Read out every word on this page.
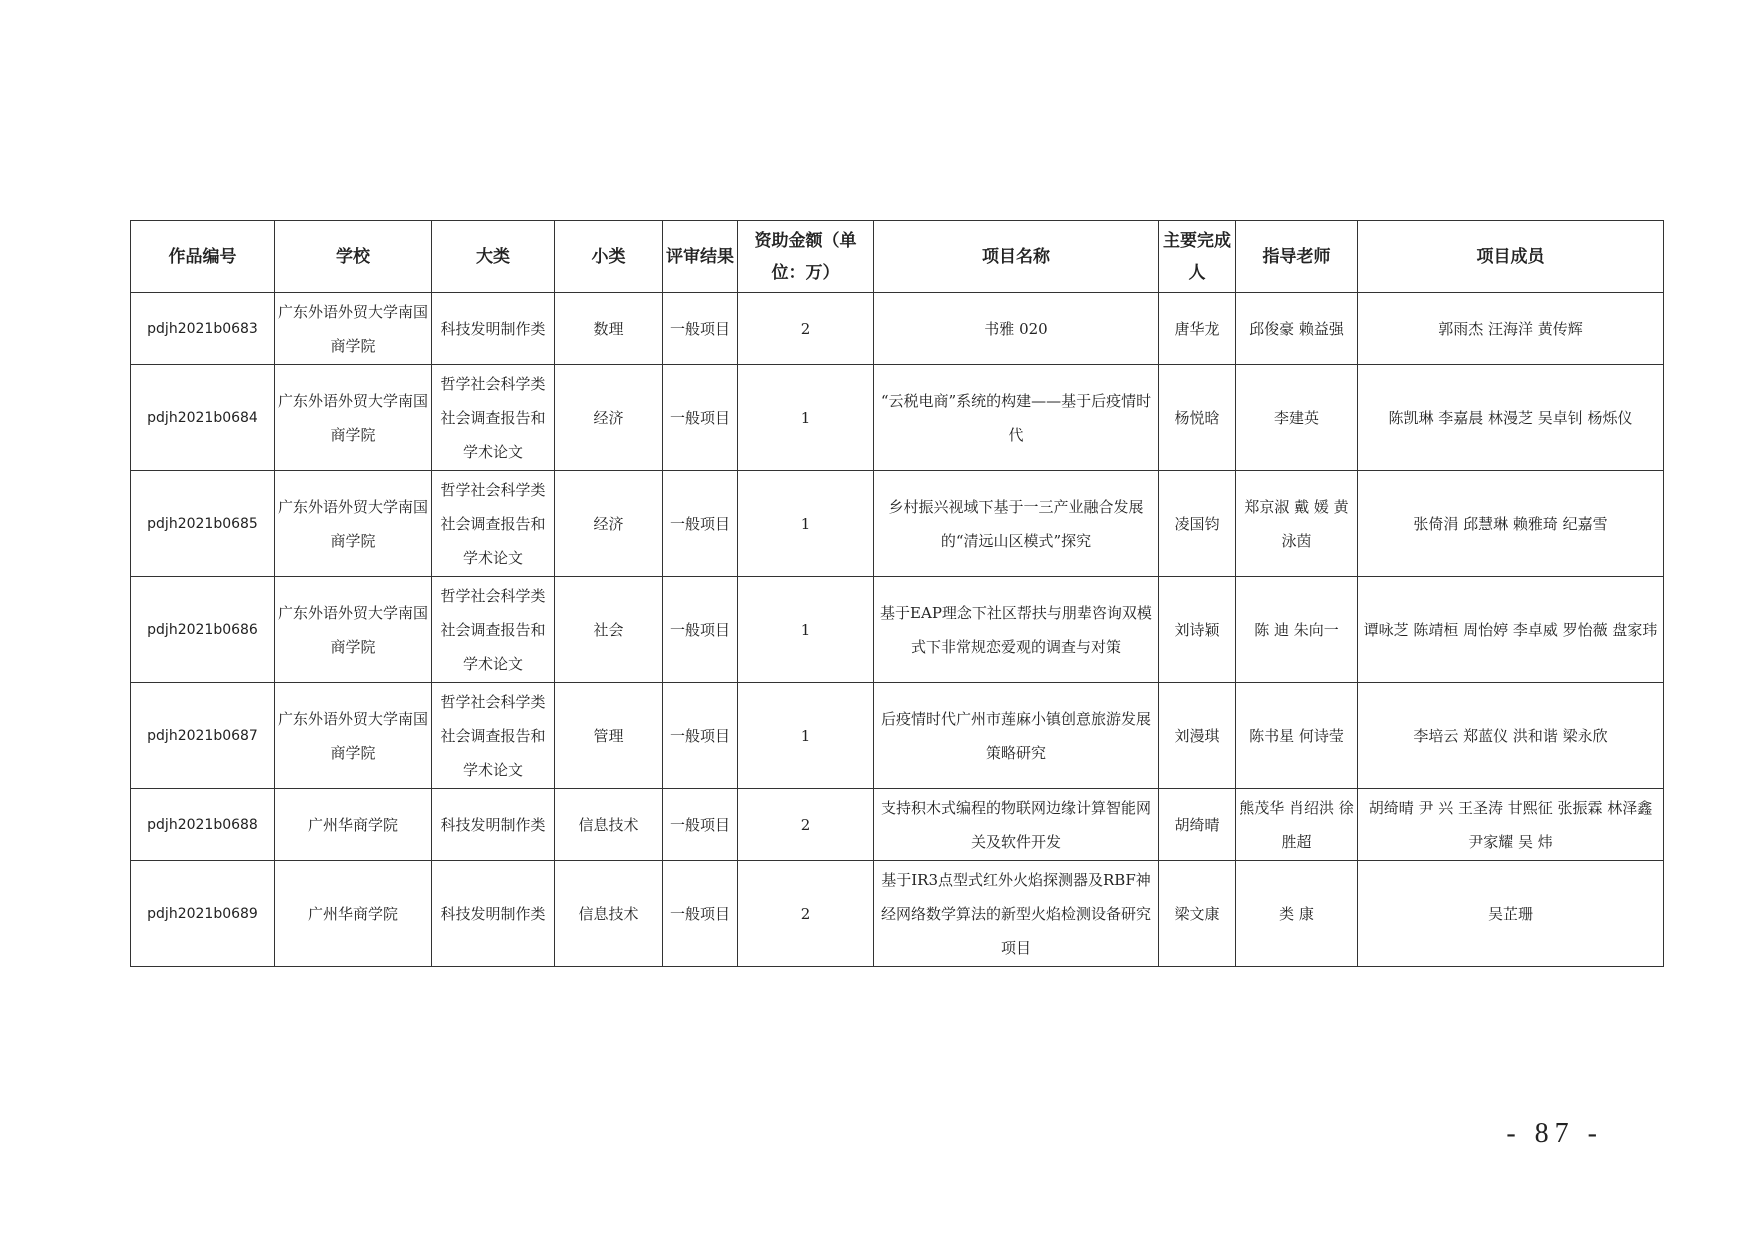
作品编号	学校	大类	小类	评审结果	资助金额（单位：万）	项目名称	主要完成人	指导老师	项目成员
pdjh2021b0683	广东外语外贸大学南国商学院	科技发明制作类	数理	一般项目	2	书雅 020	唐华龙	邱俊豪 赖益强	郭雨杰 汪海洋 黄传辉
pdjh2021b0684	广东外语外贸大学南国商学院	哲学社会科学类社会调查报告和学术论文	经济	一般项目	1	“云税电商”系统的构建——基于后疫情时代	杨悦晗	李建英	陈凯琳 李嘉晨 林漫芝 吴卓钊 杨烁仪
pdjh2021b0685	广东外语外贸大学南国商学院	哲学社会科学类社会调查报告和学术论文	经济	一般项目	1	乡村振兴视域下基于一三产业融合发展的“清远山区模式”探究	凌国钧	郑京淑 戴 媛 黄泳茵	张倚涓 邱慧琳 赖雅琦 纪嘉雪
pdjh2021b0686	广东外语外贸大学南国商学院	哲学社会科学类社会调查报告和学术论文	社会	一般项目	1	基于EAP理念下社区帮扶与朋辈咨询双模式下非常规恋爱观的调查与对策	刘诗颖	陈 迪 朱向一	谭咏芝 陈靖桓 周怡婷 李卓威 罗怡薇 盘家玮
pdjh2021b0687	广东外语外贸大学南国商学院	哲学社会科学类社会调查报告和学术论文	管理	一般项目	1	后疫情时代广州市莲麻小镇创意旅游发展策略研究	刘漫琪	陈书星 何诗莹	李培云 郑蓝仪 洪和谐 梁永欣
pdjh2021b0688	广州华商学院	科技发明制作类	信息技术	一般项目	2	支持积木式编程的物联网边缘计算智能网关及软件开发	胡绮晴	熊茂华 肖绍洪 徐胜超	胡绮晴 尹 兴 王圣涛 甘熙征 张振霖 林泽鑫 尹家耀 吴 炜
pdjh2021b0689	广州华商学院	科技发明制作类	信息技术	一般项目	2	基于IR3点型式红外火焰探测器及RBF神经网络数学算法的新型火焰检测设备研究项目	梁文康	类 康	吴芷珊
- 87 -
